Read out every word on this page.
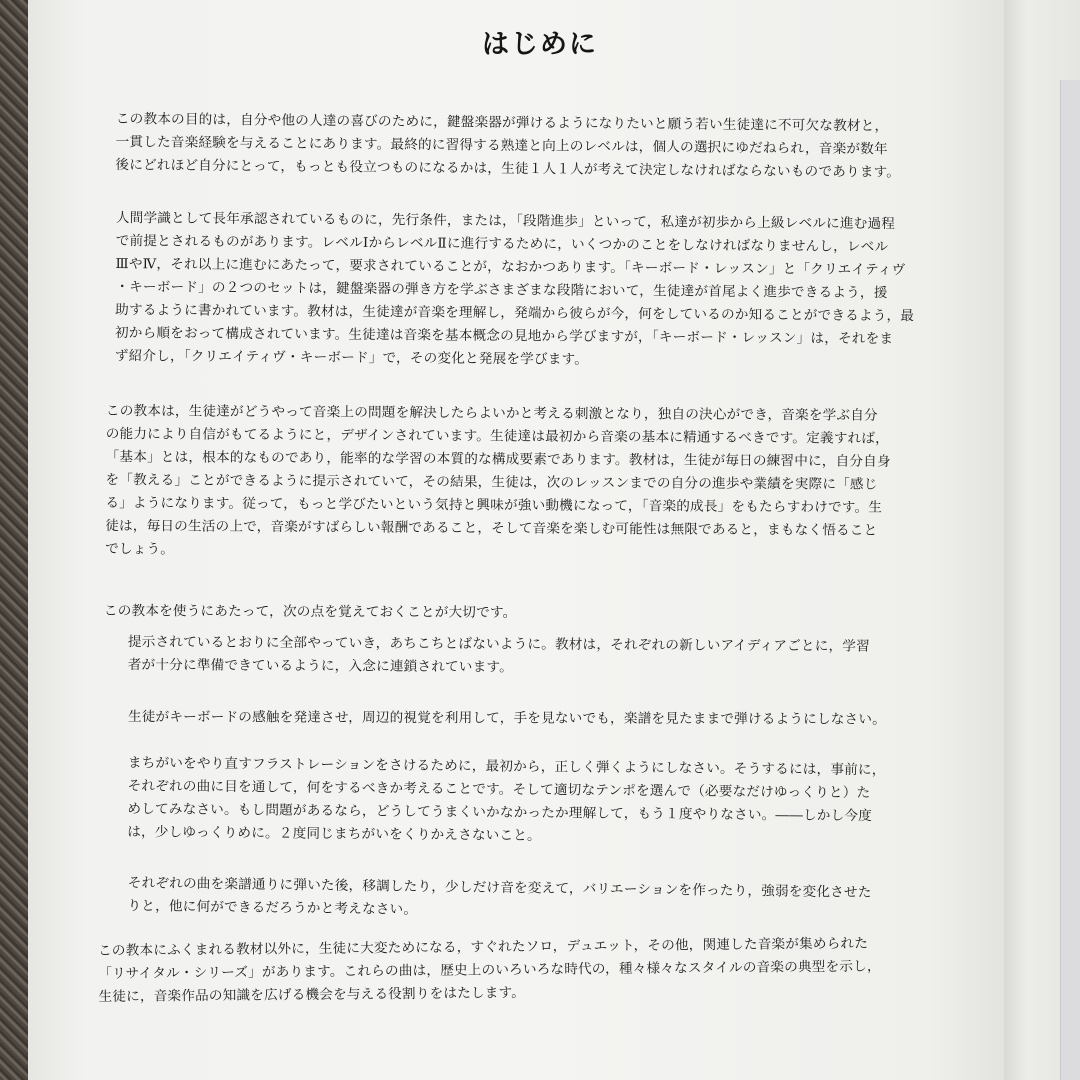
はじめに
この教本の目的は，自分や他の人達の喜びのために，鍵盤楽器が弾けるようになりたいと願う若い生徒達に不可欠な教材と，
一貫した音楽経験を与えることにあります。最終的に習得する熟達と向上のレベルは，個人の選択にゆだねられ，音楽が数年
後にどれほど自分にとって，もっとも役立つものになるかは，生徒１人１人が考えて決定しなければならないものであります。
人間学識として長年承認されているものに，先行条件，または，「段階進歩」といって，私達が初歩から上級レベルに進む過程
で前提とされるものがあります。レベルⅠからレベルⅡに進行するために，いくつかのことをしなければなりませんし，レベル
ⅢやⅣ，それ以上に進むにあたって，要求されていることが，なおかつあります。「キーボード・レッスン」と「クリエイティヴ
・キーボード」の２つのセットは，鍵盤楽器の弾き方を学ぶさまざまな段階において，生徒達が首尾よく進歩できるよう，援
助するように書かれています。教材は，生徒達が音楽を理解し，発端から彼らが今，何をしているのか知ることができるよう，最
初から順をおって構成されています。生徒達は音楽を基本概念の見地から学びますが，「キーボード・レッスン」は，それをま
ず紹介し，「クリエイティヴ・キーボード」で，その変化と発展を学びます。
この教本は，生徒達がどうやって音楽上の問題を解決したらよいかと考える刺激となり，独自の決心ができ，音楽を学ぶ自分
の能力により自信がもてるようにと，デザインされています。生徒達は最初から音楽の基本に精通するべきです。定義すれば，
「基本」とは，根本的なものであり，能率的な学習の本質的な構成要素であります。教材は，生徒が毎日の練習中に，自分自身
を「教える」ことができるように提示されていて，その結果，生徒は，次のレッスンまでの自分の進歩や業績を実際に「感じ
る」ようになります。従って，もっと学びたいという気持と興味が強い動機になって，「音楽的成長」をもたらすわけです。生
徒は，毎日の生活の上で，音楽がすばらしい報酬であること，そして音楽を楽しむ可能性は無限であると，まもなく悟ること
でしょう。
この教本を使うにあたって，次の点を覚えておくことが大切です。
提示されているとおりに全部やっていき，あちこちとばないように。教材は，それぞれの新しいアイディアごとに，学習
者が十分に準備できているように，入念に連鎖されています。
生徒がキーボードの感触を発達させ，周辺的視覚を利用して，手を見ないでも，楽譜を見たままで弾けるようにしなさい。
まちがいをやり直すフラストレーションをさけるために，最初から，正しく弾くようにしなさい。そうするには，事前に，
それぞれの曲に目を通して，何をするべきか考えることです。そして適切なテンポを選んで（必要なだけゆっくりと）た
めしてみなさい。もし問題があるなら，どうしてうまくいかなかったか理解して，もう１度やりなさい。――しかし今度
は，少しゆっくりめに。２度同じまちがいをくりかえさないこと。
それぞれの曲を楽譜通りに弾いた後，移調したり，少しだけ音を変えて，バリエーションを作ったり，強弱を変化させた
りと，他に何ができるだろうかと考えなさい。
この教本にふくまれる教材以外に，生徒に大変ためになる，すぐれたソロ，デュエット，その他，関連した音楽が集められた
「リサイタル・シリーズ」があります。これらの曲は，歴史上のいろいろな時代の，種々様々なスタイルの音楽の典型を示し，
生徒に，音楽作品の知識を広げる機会を与える役割りをはたします。
